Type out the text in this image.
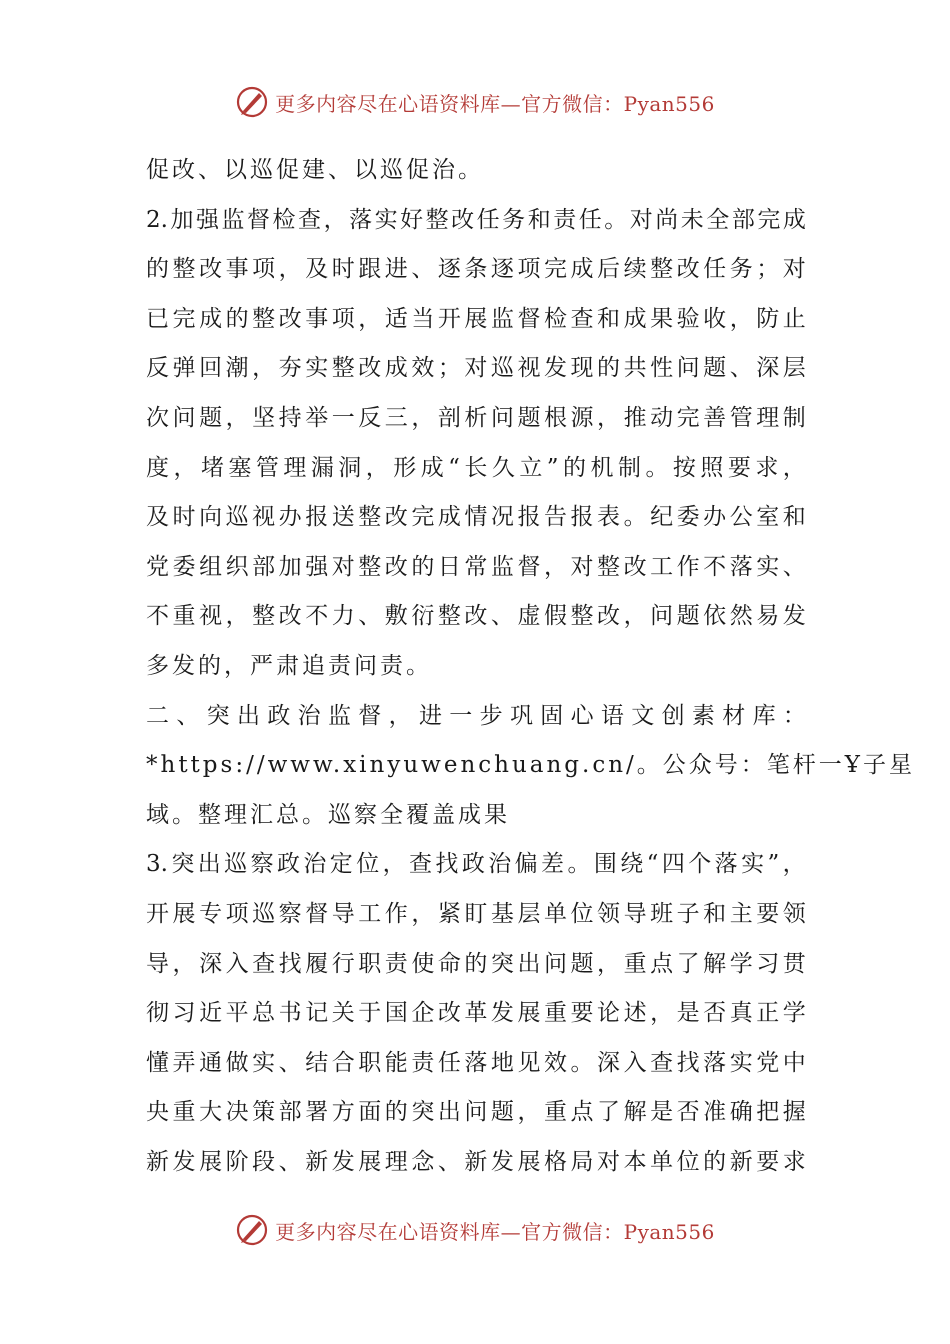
更多内容尽在心语资料库—官方微信：Pyan556
促改、以巡促建、以巡促治。
2. 加 强 监 督 检 查 ， 落 实 好 整 改 任 务 和 责 任 。 对 尚 未 全 部 完 成
的 整 改 事 项 ， 及 时 跟 进 、 逐 条 逐 项 完 成 后 续 整 改 任 务 ； 对
已 完 成 的 整 改 事 项 ， 适 当 开 展 监 督 检 查 和 成 果 验 收 ， 防 止
反 弹 回 潮 ， 夯 实 整 改 成 效 ； 对 巡 视 发 现 的 共 性 问 题 、 深 层
次 问 题 ， 坚 持 举 一 反 三 ， 剖 析 问 题 根 源 ， 推 动 完 善 管 理 制
度 ， 堵 塞 管 理 漏 洞 ， 形 成 “ 长 久 立 ” 的 机 制 。 按 照 要 求 ，
及 时 向 巡 视 办 报 送 整 改 完 成 情 况 报 告 报 表 。 纪 委 办 公 室 和
党 委 组 织 部 加 强 对 整 改 的 日 常 监 督 ， 对 整 改 工 作 不 落 实 、
不 重 视 ， 整 改 不 力 、 敷 衍 整 改 、 虚 假 整 改 ， 问 题 依 然 易 发
多发的，严肃追责问责。
二 、 突 出 政 治 监 督 ， 进 一 步 巩 固 心 语 文 创 素 材 库 ：
*https://www.xinyuwenchuang.cn/。公众号：笔杆一Ұ子星
域。整理汇总。巡察全覆盖成果
3. 突 出 巡 察 政 治 定 位 ， 查 找 政 治 偏 差 。 围 绕 “ 四 个 落 实 ” ，
开 展 专 项 巡 察 督 导 工 作 ， 紧 盯 基 层 单 位 领 导 班 子 和 主 要 领
导 ， 深 入 查 找 履 行 职 责 使 命 的 突 出 问 题 ， 重 点 了 解 学 习 贯
彻 习 近 平 总 书 记 关 于 国 企 改 革 发 展 重 要 论 述 ， 是 否 真 正 学
懂 弄 通 做 实 、 结 合 职 能 责 任 落 地 见 效 。 深 入 查 找 落 实 党 中
央 重 大 决 策 部 署 方 面 的 突 出 问 题 ， 重 点 了 解 是 否 准 确 把 握
新 发 展 阶 段 、 新 发 展 理 念 、 新 发 展 格 局 对 本 单 位 的 新 要 求
更多内容尽在心语资料库—官方微信：Pyan556
